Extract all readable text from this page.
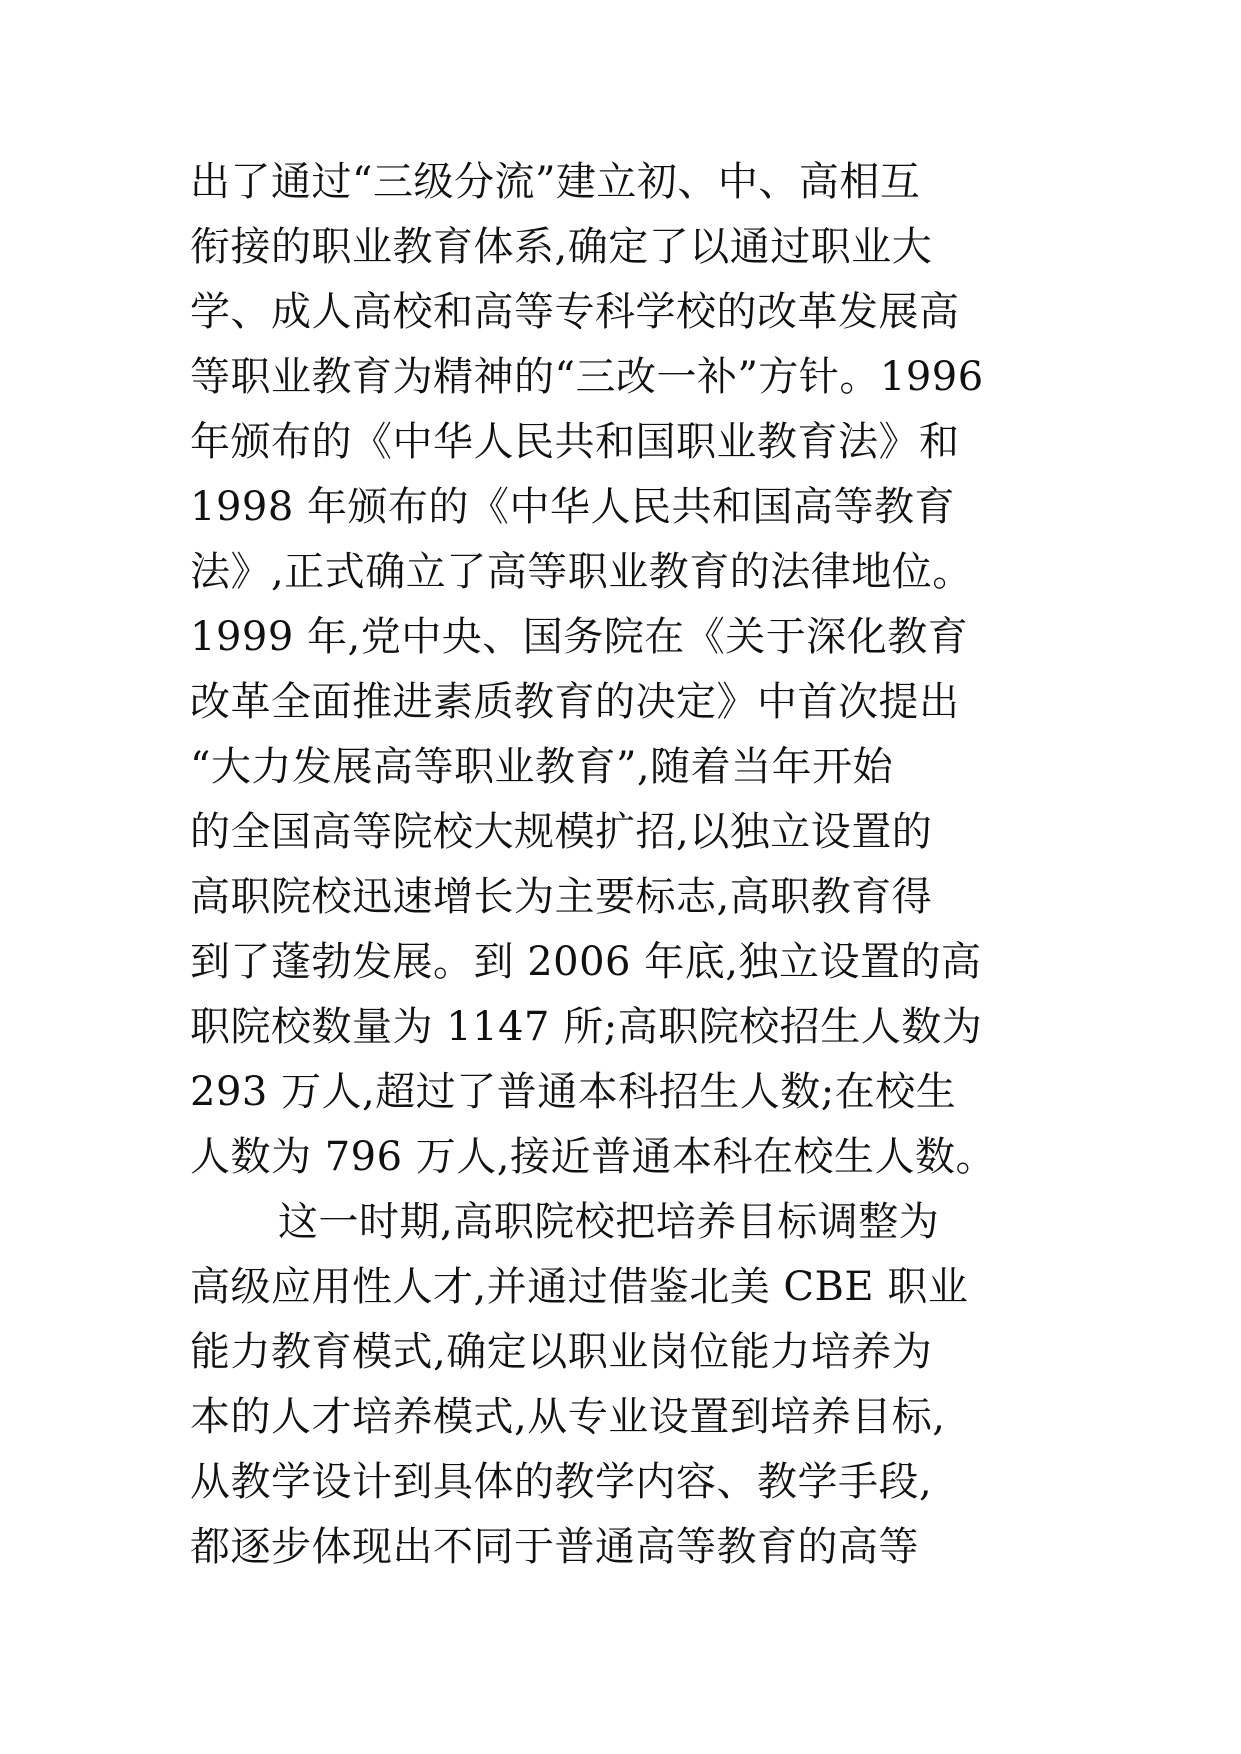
出了通过“三级分流”建立初、中、高相互
衔接的职业教育体系,确定了以通过职业大
学、成人高校和高等专科学校的改革发展高
等职业教育为精神的“三改一补”方针。1996
年颁布的《中华人民共和国职业教育法》和
1998 年颁布的《中华人民共和国高等教育
法》,正式确立了高等职业教育的法律地位。
1999 年,党中央、国务院在《关于深化教育
改革全面推进素质教育的决定》中首次提出
“大力发展高等职业教育”,随着当年开始
的全国高等院校大规模扩招,以独立设置的
高职院校迅速增长为主要标志,高职教育得
到了蓬勃发展。到 2006 年底,独立设置的高
职院校数量为 1147 所;高职院校招生人数为
293 万人,超过了普通本科招生人数;在校生
人数为 796 万人,接近普通本科在校生人数。
这一时期,高职院校把培养目标调整为
高级应用性人才,并通过借鉴北美 CBE 职业
能力教育模式,确定以职业岗位能力培养为
本的人才培养模式,从专业设置到培养目标,
从教学设计到具体的教学内容、教学手段,
都逐步体现出不同于普通高等教育的高等
